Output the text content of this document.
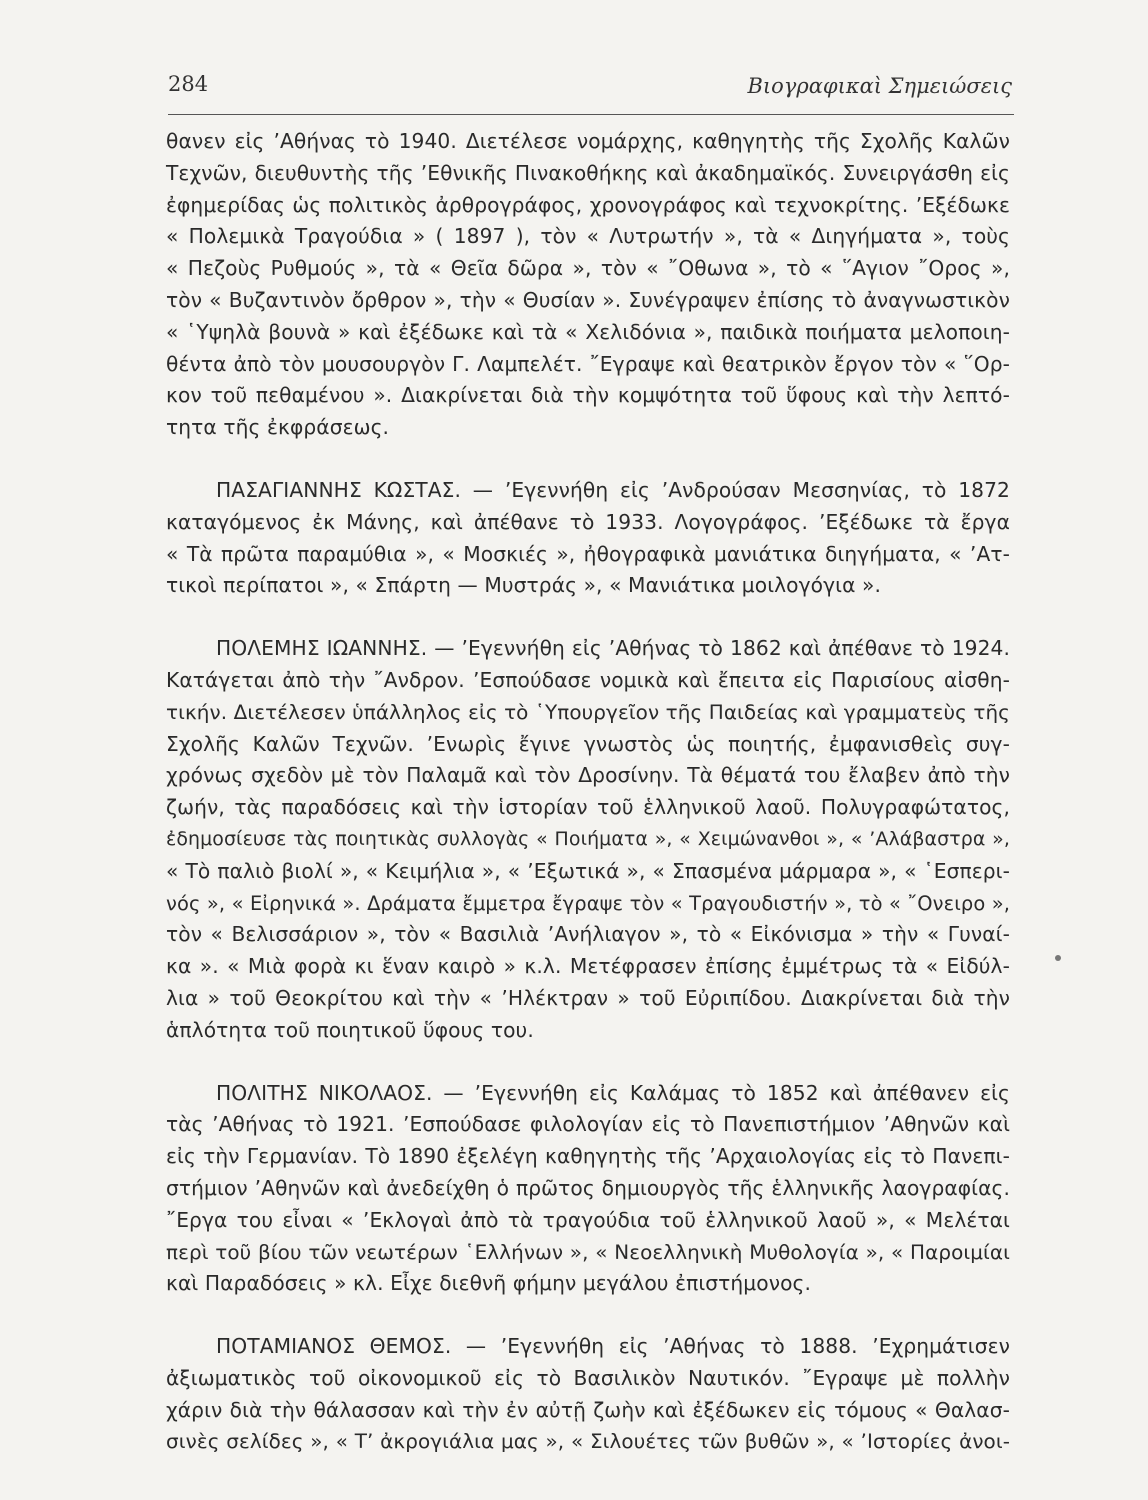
284	Βιογραφικαὶ Σημειώσεις
θανεν εἰς ’Αθήνας τὸ 1940. Διετέλεσε νομάρχης, καθηγητὴς τῆς Σχολῆς Καλῶν
Τεχνῶν, διευθυντὴς τῆς ’Εθνικῆς Πινακοθήκης καὶ ἀκαδημαϊκός. Συνειργάσθη εἰς
ἐφημερίδας ὡς πολιτικὸς ἀρθρογράφος, χρονογράφος καὶ τεχνοκρίτης. ’Εξέδωκε
« Πολεμικὰ Τραγούδια » ( 1897 ), τὸν « Λυτρωτήν », τὰ « Διηγήματα », τοὺς
« Πεζοὺς Ρυθμούς », τὰ « Θεῖα δῶρα », τὸν « ῎Οθωνα », τὸ « ῞Αγιον ῎Ορος »,
τὸν « Βυζαντινὸν ὄρθρον », τὴν « Θυσίαν ». Συνέγραψεν ἐπίσης τὸ ἀναγνωστικὸν
« ῾Υψηλὰ βουνὰ » καὶ ἐξέδωκε καὶ τὰ « Χελιδόνια », παιδικὰ ποιήματα μελοποιη-
θέντα ἀπὸ τὸν μουσουργὸν Γ. Λαμπελέτ. ῎Εγραψε καὶ θεατρικὸν ἔργον τὸν « ῞Ορ-
κον τοῦ πεθαμένου ». Διακρίνεται διὰ τὴν κομψότητα τοῦ ὕφους καὶ τὴν λεπτό-
τητα τῆς ἐκφράσεως.
ΠΑΣΑΓΙΑΝΝΗΣ ΚΩΣΤΑΣ. — ’Εγεννήθη εἰς ’Ανδρούσαν Μεσσηνίας, τὸ 1872
καταγόμενος ἐκ Μάνης, καὶ ἀπέθανε τὸ 1933. Λογογράφος. ’Εξέδωκε τὰ ἔργα
« Τὰ πρῶτα παραμύθια », « Μοσκιές », ἠθογραφικὰ μανιάτικα διηγήματα, « ’Ατ-
τικοὶ περίπατοι », « Σπάρτη — Μυστράς », « Μανιάτικα μοιλογόγια ».
ΠΟΛΕΜΗΣ ΙΩΑΝΝΗΣ. — ’Εγεννήθη εἰς ’Αθήνας τὸ 1862 καὶ ἀπέθανε τὸ 1924.
Κατάγεται ἀπὸ τὴν ῎Ανδρον. ’Εσπούδασε νομικὰ καὶ ἔπειτα εἰς Παρισίους αἰσθη-
τικήν. Διετέλεσεν ὑπάλληλος εἰς τὸ ῾Υπουργεῖον τῆς Παιδείας καὶ γραμματεὺς τῆς
Σχολῆς Καλῶν Τεχνῶν. ’Ενωρὶς ἔγινε γνωστὸς ὡς ποιητής, ἐμφανισθεὶς συγ-
χρόνως σχεδὸν μὲ τὸν Παλαμᾶ καὶ τὸν Δροσίνην. Τὰ θέματά του ἔλαβεν ἀπὸ τὴν
ζωήν, τὰς παραδόσεις καὶ τὴν ἱστορίαν τοῦ ἑλληνικοῦ λαοῦ. Πολυγραφώτατος,
ἐδημοσίευσε τὰς ποιητικὰς συλλογὰς « Ποιήματα », « Χειμώνανθοι », « ’Αλάβαστρα »,
« Τὸ παλιὸ βιολί », « Κειμήλια », « ’Εξωτικά », « Σπασμένα μάρμαρα », « ῾Εσπερι-
νός », « Εἰρηνικά ». Δράματα ἔμμετρα ἔγραψε τὸν « Τραγουδιστήν », τὸ « ῎Ονειρο »,
τὸν « Βελισσάριον », τὸν « Βασιλιὰ ’Ανήλιαγον », τὸ « Εἰκόνισμα » τὴν « Γυναί-
κα ». « Μιὰ φορὰ κι ἕναν καιρὸ » κ.λ. Μετέφρασεν ἐπίσης ἐμμέτρως τὰ « Εἰδύλ-
λια » τοῦ Θεοκρίτου καὶ τὴν « ’Ηλέκτραν » τοῦ Εὐριπίδου. Διακρίνεται διὰ τὴν
ἁπλότητα τοῦ ποιητικοῦ ὕφους του.
ΠΟΛΙΤΗΣ ΝΙΚΟΛΑΟΣ. — ’Εγεννήθη εἰς Καλάμας τὸ 1852 καὶ ἀπέθανεν εἰς
τὰς ’Αθήνας τὸ 1921. ’Εσπούδασε φιλολογίαν εἰς τὸ Πανεπιστήμιον ’Αθηνῶν καὶ
εἰς τὴν Γερμανίαν. Τὸ 1890 ἐξελέγη καθηγητὴς τῆς ’Αρχαιολογίας εἰς τὸ Πανεπι-
στήμιον ’Αθηνῶν καὶ ἀνεδείχθη ὁ πρῶτος δημιουργὸς τῆς ἑλληνικῆς λαογραφίας.
῎Εργα του εἶναι « ’Εκλογαὶ ἀπὸ τὰ τραγούδια τοῦ ἑλληνικοῦ λαοῦ », « Μελέται
περὶ τοῦ βίου τῶν νεωτέρων ῾Ελλήνων », « Νεοελληνικὴ Μυθολογία », « Παροιμίαι
καὶ Παραδόσεις » κλ. Εἶχε διεθνῆ φήμην μεγάλου ἐπιστήμονος.
ΠΟΤΑΜΙΑΝΟΣ ΘΕΜΟΣ. — ’Εγεννήθη εἰς ’Αθήνας τὸ 1888. ’Εχρημάτισεν
ἀξιωματικὸς τοῦ οἰκονομικοῦ εἰς τὸ Βασιλικὸν Ναυτικόν. ῎Εγραψε μὲ πολλὴν
χάριν διὰ τὴν θάλασσαν καὶ τὴν ἐν αὐτῇ ζωὴν καὶ ἐξέδωκεν εἰς τόμους « Θαλασ-
σινὲς σελίδες », « Τ’ ἀκρογιάλια μας », « Σιλουέτες τῶν βυθῶν », « ’Ιστορίες ἀνοι-
